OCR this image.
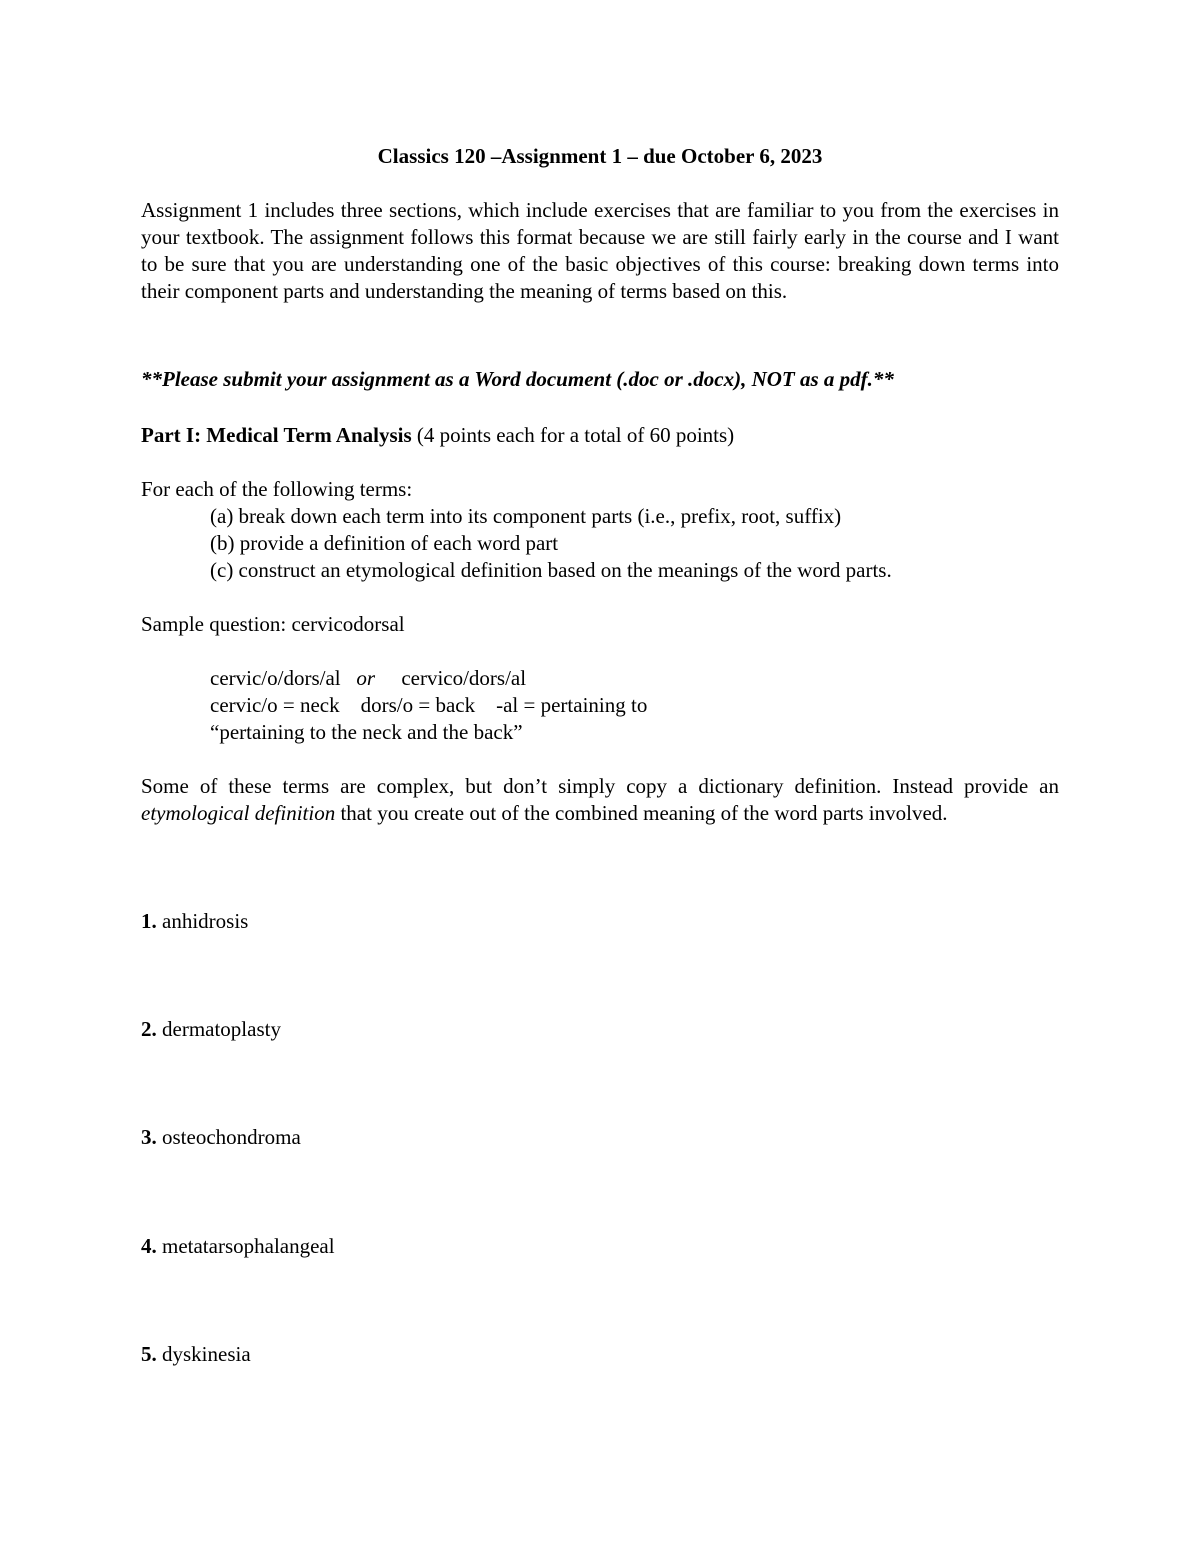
Classics 120 –Assignment 1 – due October 6, 2023

Assignment 1 includes three sections, which include exercises that are familiar to you from the exercises in your textbook. The assignment follows this format because we are still fairly early in the course and I want to be sure that you are understanding one of the basic objectives of this course: breaking down terms into their component parts and understanding the meaning of terms based on this.

**Please submit your assignment as a Word document (.doc or .docx), NOT as a pdf.**

Part I: Medical Term Analysis (4 points each for a total of 60 points)

For each of the following terms:

(a) break down each term into its component parts (i.e., prefix, root, suffix)
(b) provide a definition of each word part
(c) construct an etymological definition based on the meanings of the word parts.

Sample question: cervicodorsal

cervic/o/dors/al or cervico/dors/al
cervic/o = neck dors/o = back -al = pertaining to
“pertaining to the neck and the back”

Some of these terms are complex, but don’t simply copy a dictionary definition. Instead provide an etymological definition that you create out of the combined meaning of the word parts involved.

1. anhidrosis

2. dermatoplasty

3. osteochondroma

4. metatarsophalangeal

5. dyskinesia
